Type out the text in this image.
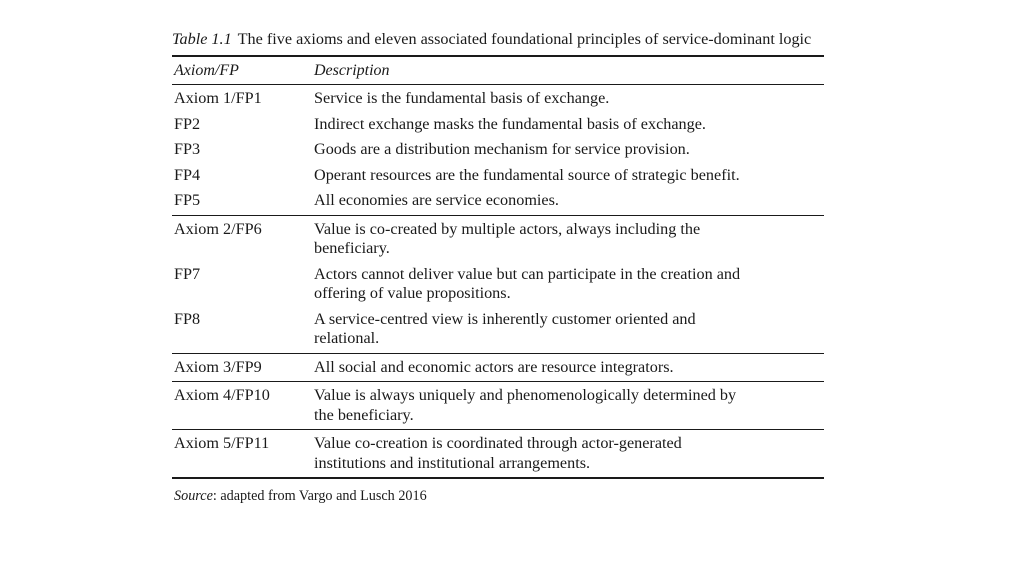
Table 1.1 The five axioms and eleven associated foundational principles of service-dominant logic
Axiom/FP	Description
Axiom 1/FP1	Service is the fundamental basis of exchange.
FP2	Indirect exchange masks the fundamental basis of exchange.
FP3	Goods are a distribution mechanism for service provision.
FP4	Operant resources are the fundamental source of strategic benefit.
FP5	All economies are service economies.
Axiom 2/FP6	Value is co-created by multiple actors, always including the
beneficiary.
FP7	Actors cannot deliver value but can participate in the creation and
offering of value propositions.
FP8	A service-centred view is inherently customer oriented and
relational.
Axiom 3/FP9	All social and economic actors are resource integrators.
Axiom 4/FP10	Value is always uniquely and phenomenologically determined by
the beneficiary.
Axiom 5/FP11	Value co-creation is coordinated through actor-generated
institutions and institutional arrangements.
Source: adapted from Vargo and Lusch 2016
